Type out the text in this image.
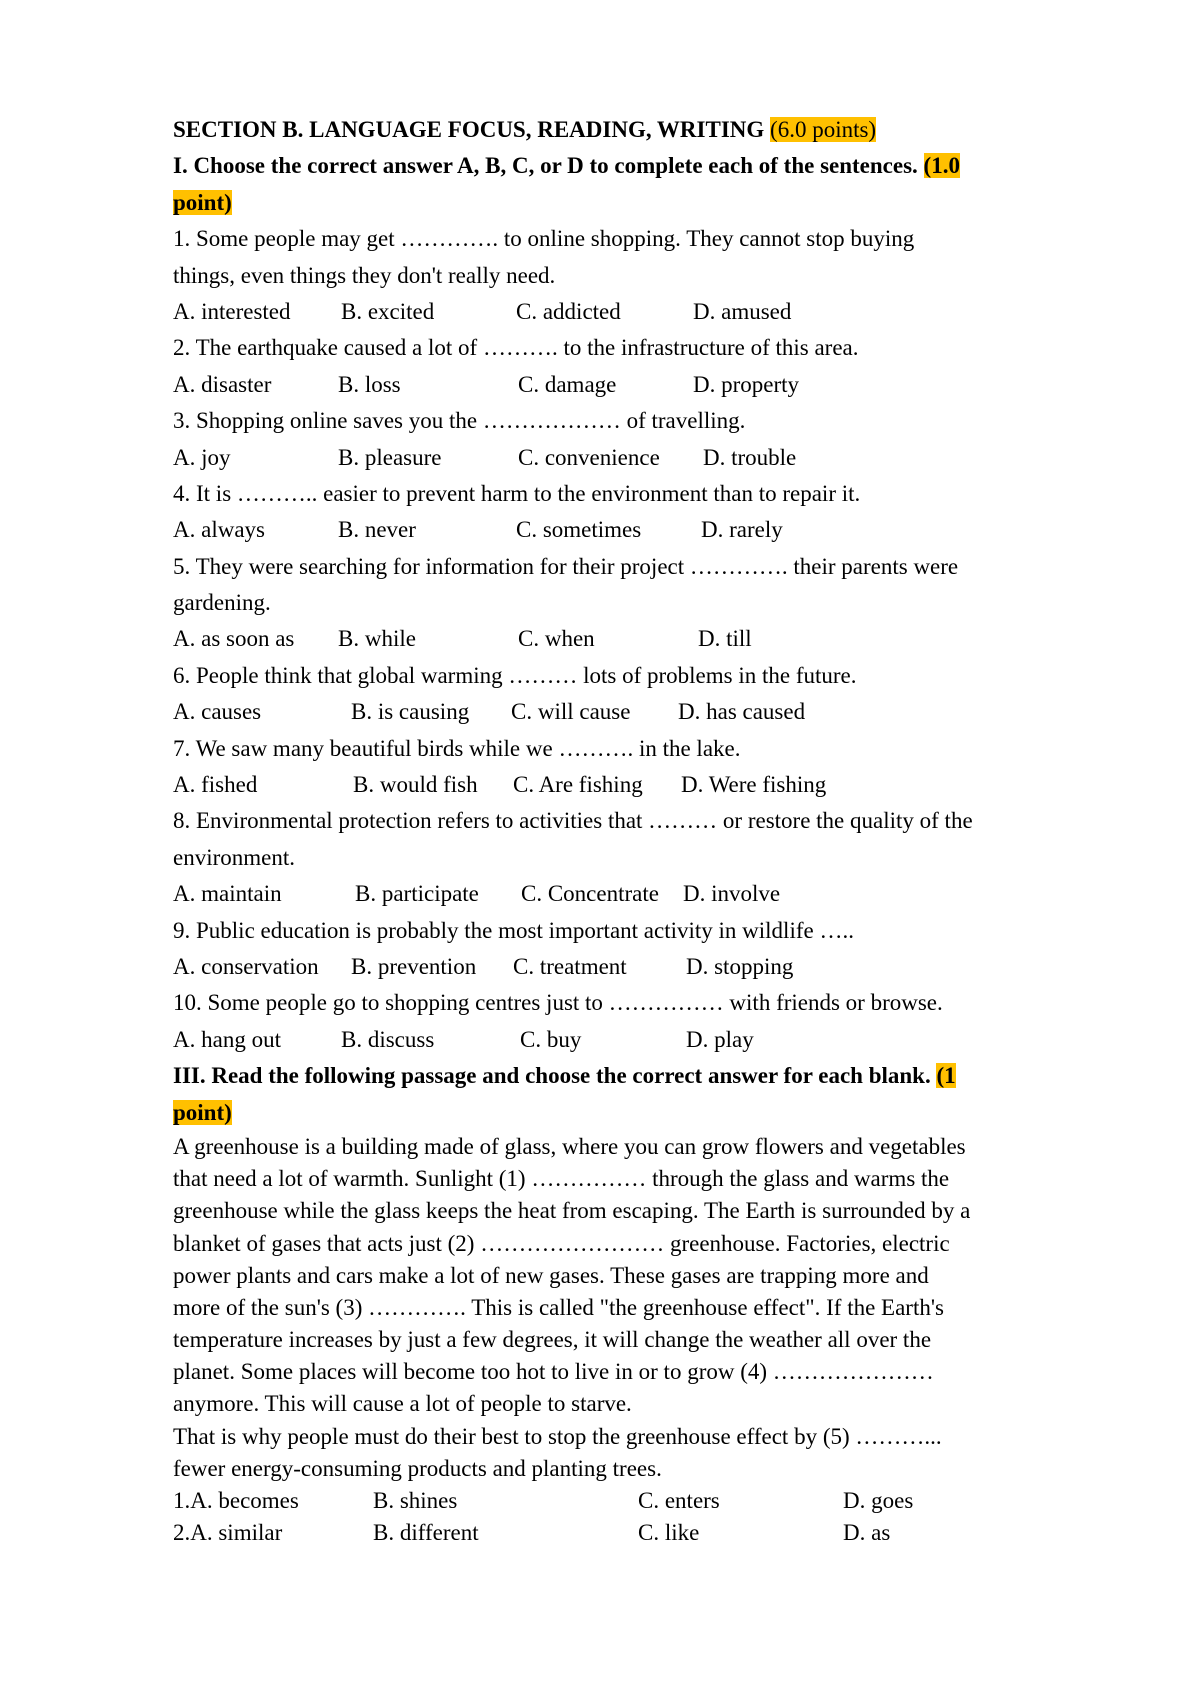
SECTION B. LANGUAGE FOCUS, READING, WRITING (6.0 points)
I. Choose the correct answer A, B, C, or D to complete each of the sentences. (1.0
point)
1. Some people may get …………. to online shopping. They cannot stop buying
things, even things they don't really need.
A. interested B. excited	C. addicted	D. amused
2. The earthquake caused a lot of ………. to the infrastructure of this area.
A. disaster	B. loss	C. damage	D. property
3. Shopping online saves you the ……………… of travelling.
A. joy	B. pleasure	C. convenience D. trouble
4. It is ……….. easier to prevent harm to the environment than to repair it.
A. always	B. never	C. sometimes	D. rarely
5. They were searching for information for their project …………. their parents were
gardening.
A. as soon as B. while	C. when	D. till
6. People think that global warming ……… lots of problems in the future.
A. causes	B. is causing C. will cause D. has caused
7. We saw many beautiful birds while we ………. in the lake.
A. fished	B. would fish C. Are fishing D. Were fishing
8. Environmental protection refers to activities that ……… or restore the quality of the
environment.
A. maintain	B. participate C. Concentrate D. involve
9. Public education is probably the most important activity in wildlife …..
A. conservation B. prevention C. treatment	D. stopping
10. Some people go to shopping centres just to …………… with friends or browse.
A. hang out	B. discuss	C. buy	D. play
III. Read the following passage and choose the correct answer for each blank. (1
point)
A greenhouse is a building made of glass, where you can grow flowers and vegetables
that need a lot of warmth. Sunlight (1) …………… through the glass and warms the
greenhouse while the glass keeps the heat from escaping. The Earth is surrounded by a
blanket of gases that acts just (2) …………………… greenhouse. Factories, electric
power plants and cars make a lot of new gases. These gases are trapping more and
more of the sun's (3) …………. This is called "the greenhouse effect". If the Earth's
temperature increases by just a few degrees, it will change the weather all over the
planet. Some places will become too hot to live in or to grow (4) …………………
anymore. This will cause a lot of people to starve.
That is why people must do their best to stop the greenhouse effect by (5) ………...
fewer energy-consuming products and planting trees.
1.A. becomes	B. shines	C. enters	D. goes
2.A. similar	B. different	C. like	D. as
